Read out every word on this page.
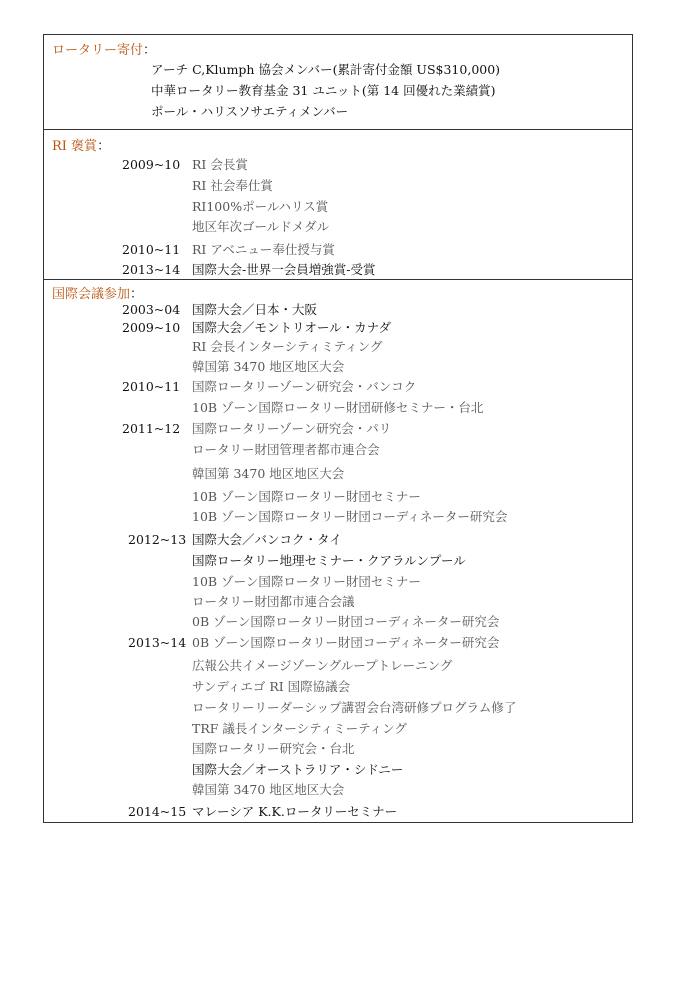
ロータリー寄付：
アーチ C,Klumph 協会メンバー(累計寄付金額 US$310,000)
中華ロータリー教育基金 31 ユニット(第 14 回優れた業績賞)
ポール・ハリスソサエティメンバー
RI 褒賞：
2009~10 RI 会長賞
RI 社会奉仕賞
RI100%ポールハリス賞
地区年次ゴールドメダル
2010~11 RI アベニュー奉仕授与賞
2013~14 国際大会-世界一会員増強賞-受賞
国際会議参加：
2003~04 国際大会／日本・大阪
2009~10 国際大会／モントリオール・カナダ
RI 会長インターシティミティング
韓国第 3470 地区地区大会
2010~11 国際ロータリーゾーン研究会・バンコク
10B ゾーン国際ロータリー財団研修セミナー・台北
2011~12 国際ロータリーゾーン研究会・パリ
ロータリー財団管理者都市連合会
韓国第 3470 地区地区大会
10B ゾーン国際ロータリー財団セミナー
10B ゾーン国際ロータリー財団コーディネーター研究会
2012~13 国際大会／バンコク・タイ
国際ロータリー地理セミナー・クアラルンプール
10B ゾーン国際ロータリー財団セミナー
ロータリー財団都市連合会議
0B ゾーン国際ロータリー財団コーディネーター研究会
2013~14 0B ゾーン国際ロータリー財団コーディネーター研究会
広報公共イメージゾーングループトレーニング
サンディエゴ RI 国際協議会
ロータリーリーダーシップ講習会台湾研修プログラム修了
TRF 議長インターシティミーティング
国際ロータリー研究会・台北
国際大会／オーストラリア・シドニー
韓国第 3470 地区地区大会
2014~15 マレーシア K.K.ロータリーセミナー
